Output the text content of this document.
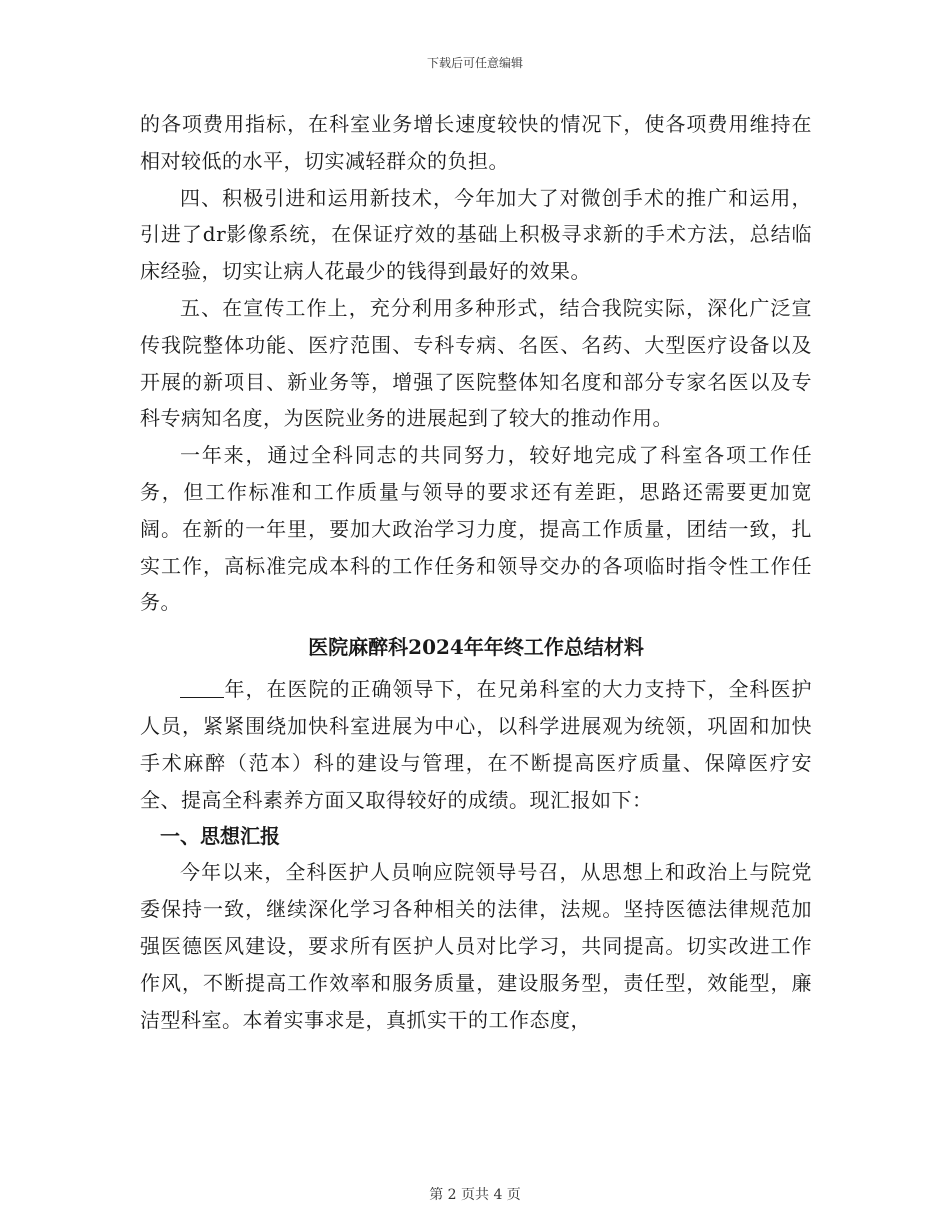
下载后可任意编辑

的各项费用指标，在科室业务增长速度较快的情况下，使各项费用维持在相对较低的水平，切实减轻群众的负担。

四、积极引进和运用新技术，今年加大了对微创手术的推广和运用，引进了dr影像系统，在保证疗效的基础上积极寻求新的手术方法，总结临床经验，切实让病人花最少的钱得到最好的效果。

五、在宣传工作上，充分利用多种形式，结合我院实际，深化广泛宣传我院整体功能、医疗范围、专科专病、名医、名药、大型医疗设备以及开展的新项目、新业务等，增强了医院整体知名度和部分专家名医以及专科专病知名度，为医院业务的进展起到了较大的推动作用。

一年来，通过全科同志的共同努力，较好地完成了科室各项工作任务，但工作标准和工作质量与领导的要求还有差距，思路还需要更加宽阔。在新的一年里，要加大政治学习力度，提高工作质量，团结一致，扎实工作，高标准完成本科的工作任务和领导交办的各项临时指令性工作任务。

医院麻醉科2024年年终工作总结材料

年，在医院的正确领导下，在兄弟科室的大力支持下，全科医护人员，紧紧围绕加快科室进展为中心，以科学进展观为统领，巩固和加快手术麻醉（范本）科的建设与管理，在不断提高医疗质量、保障医疗安全、提高全科素养方面又取得较好的成绩。现汇报如下：

一、思想汇报

今年以来，全科医护人员响应院领导号召，从思想上和政治上与院党委保持一致，继续深化学习各种相关的法律，法规。坚持医德法律规范加强医德医风建设，要求所有医护人员对比学习，共同提高。切实改进工作作风，不断提高工作效率和服务质量，建设服务型，责任型，效能型，廉洁型科室。本着实事求是，真抓实干的工作态度，

第 2 页共 4 页
